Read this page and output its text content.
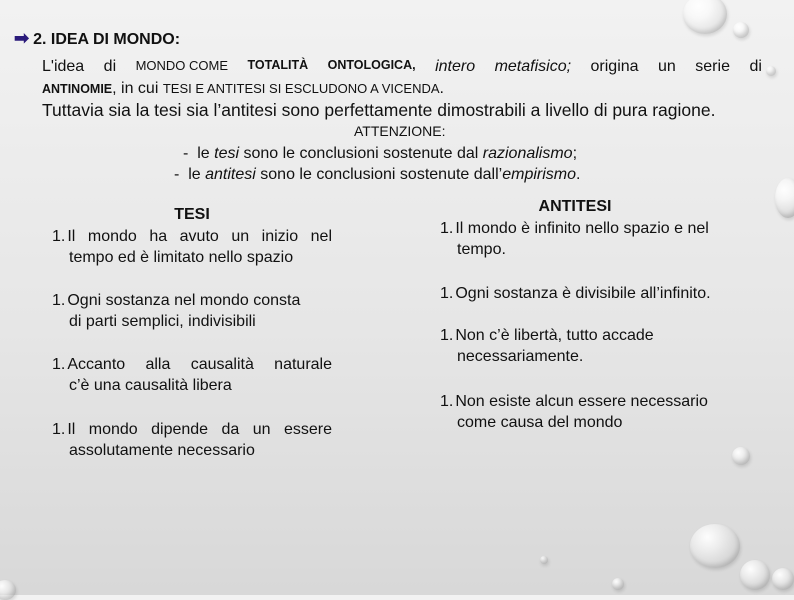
➡ 2. IDEA DI MONDO:
L'idea di MONDO COME TOTALITÀ ONTOLOGICA, intero metafisico; origina un serie di
ANTINOMIE, in cui TESI E ANTITESI SI ESCLUDONO A VICENDA.
Tuttavia sia la tesi sia l’antitesi sono perfettamente dimostrabili a livello di pura ragione.
ATTENZIONE:
- le tesi sono le conclusioni sostenute dal razionalismo;
- le antitesi sono le conclusioni sostenute dall’empirismo.
TESI
1. Il mondo ha avuto un inizio nel
tempo ed è limitato nello spazio
1. Ogni sostanza nel mondo consta
di parti semplici, indivisibili
1. Accanto alla causalità naturale
c’è una causalità libera
1. Il mondo dipende da un essere
assolutamente necessario
ANTITESI
1. Il mondo è infinito nello spazio e nel
tempo.
1. Ogni sostanza è divisibile all’infinito.
1. Non c’è libertà, tutto accade
necessariamente.
1. Non esiste alcun essere necessario
come causa del mondo
